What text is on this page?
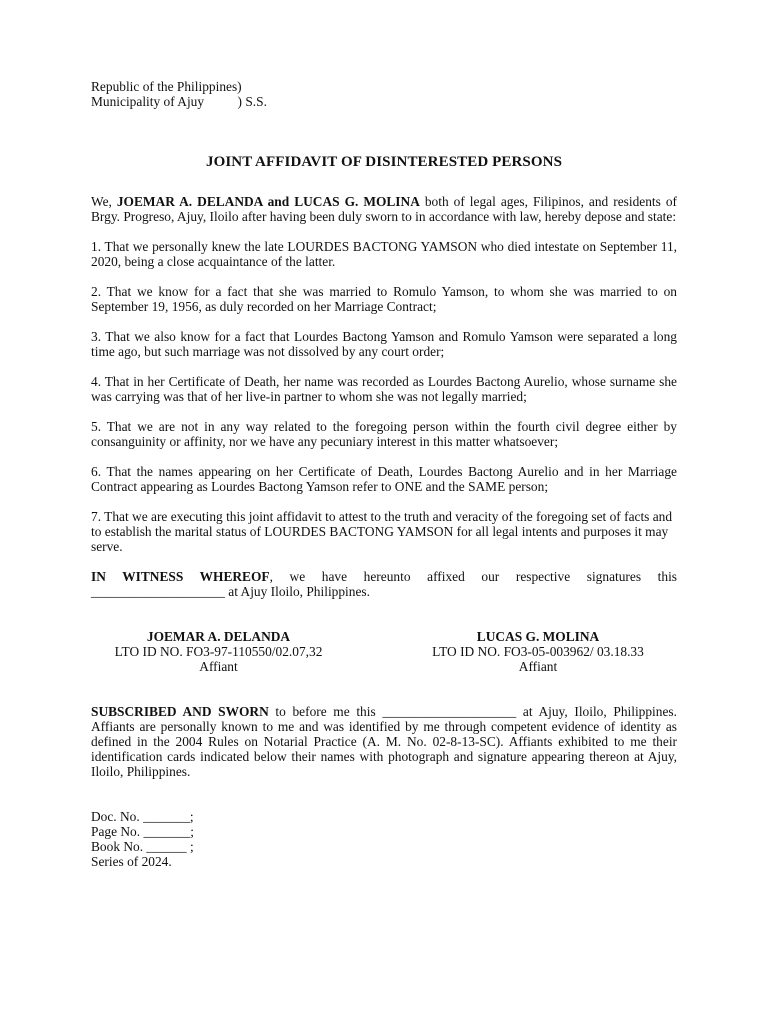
Republic of the Philippines)
Municipality of Ajuy          ) S.S.
JOINT AFFIDAVIT OF DISINTERESTED PERSONS
We, JOEMAR A. DELANDA and LUCAS G. MOLINA both of legal ages, Filipinos, and residents of Brgy. Progreso, Ajuy, Iloilo after having been duly sworn to in accordance with law, hereby depose and state:
1. That we personally knew the late LOURDES BACTONG YAMSON who died intestate on September 11, 2020, being a close acquaintance of the latter.
2. That we know for a fact that she was married to Romulo Yamson, to whom she was married to on September 19, 1956, as duly recorded on her Marriage Contract;
3. That we also know for a fact that Lourdes Bactong Yamson and Romulo Yamson were separated a long time ago, but such marriage was not dissolved by any court order;
4. That in her Certificate of Death, her name was recorded as Lourdes Bactong Aurelio, whose surname she was carrying was that of her live-in partner to whom she was not legally married;
5. That we are not in any way related to the foregoing person within the fourth civil degree either by consanguinity or affinity, nor we have any pecuniary interest in this matter whatsoever;
6. That the names appearing on her Certificate of Death, Lourdes Bactong Aurelio and in her Marriage Contract appearing as Lourdes Bactong Yamson refer to ONE and the SAME person;
7. That we are executing this joint affidavit to attest to the truth and veracity of the foregoing set of facts and to establish the marital status of LOURDES BACTONG YAMSON for all legal intents and purposes it may serve.
IN WITNESS WHEREOF, we have hereunto affixed our respective signatures this ____________________ at Ajuy Iloilo, Philippines.
JOEMAR A. DELANDA
LTO ID NO. FO3-97-110550/02.07,32
Affiant
LUCAS G. MOLINA
LTO ID NO. FO3-05-003962/ 03.18.33
Affiant
SUBSCRIBED AND SWORN to before me this ____________________ at Ajuy, Iloilo, Philippines. Affiants are personally known to me and was identified by me through competent evidence of identity as defined in the 2004 Rules on Notarial Practice (A. M. No. 02-8-13-SC). Affiants exhibited to me their identification cards indicated below their names with photograph and signature appearing thereon at Ajuy, Iloilo, Philippines.
Doc. No. _______;
Page No. _______;
Book No. ______ ;
Series of 2024.
